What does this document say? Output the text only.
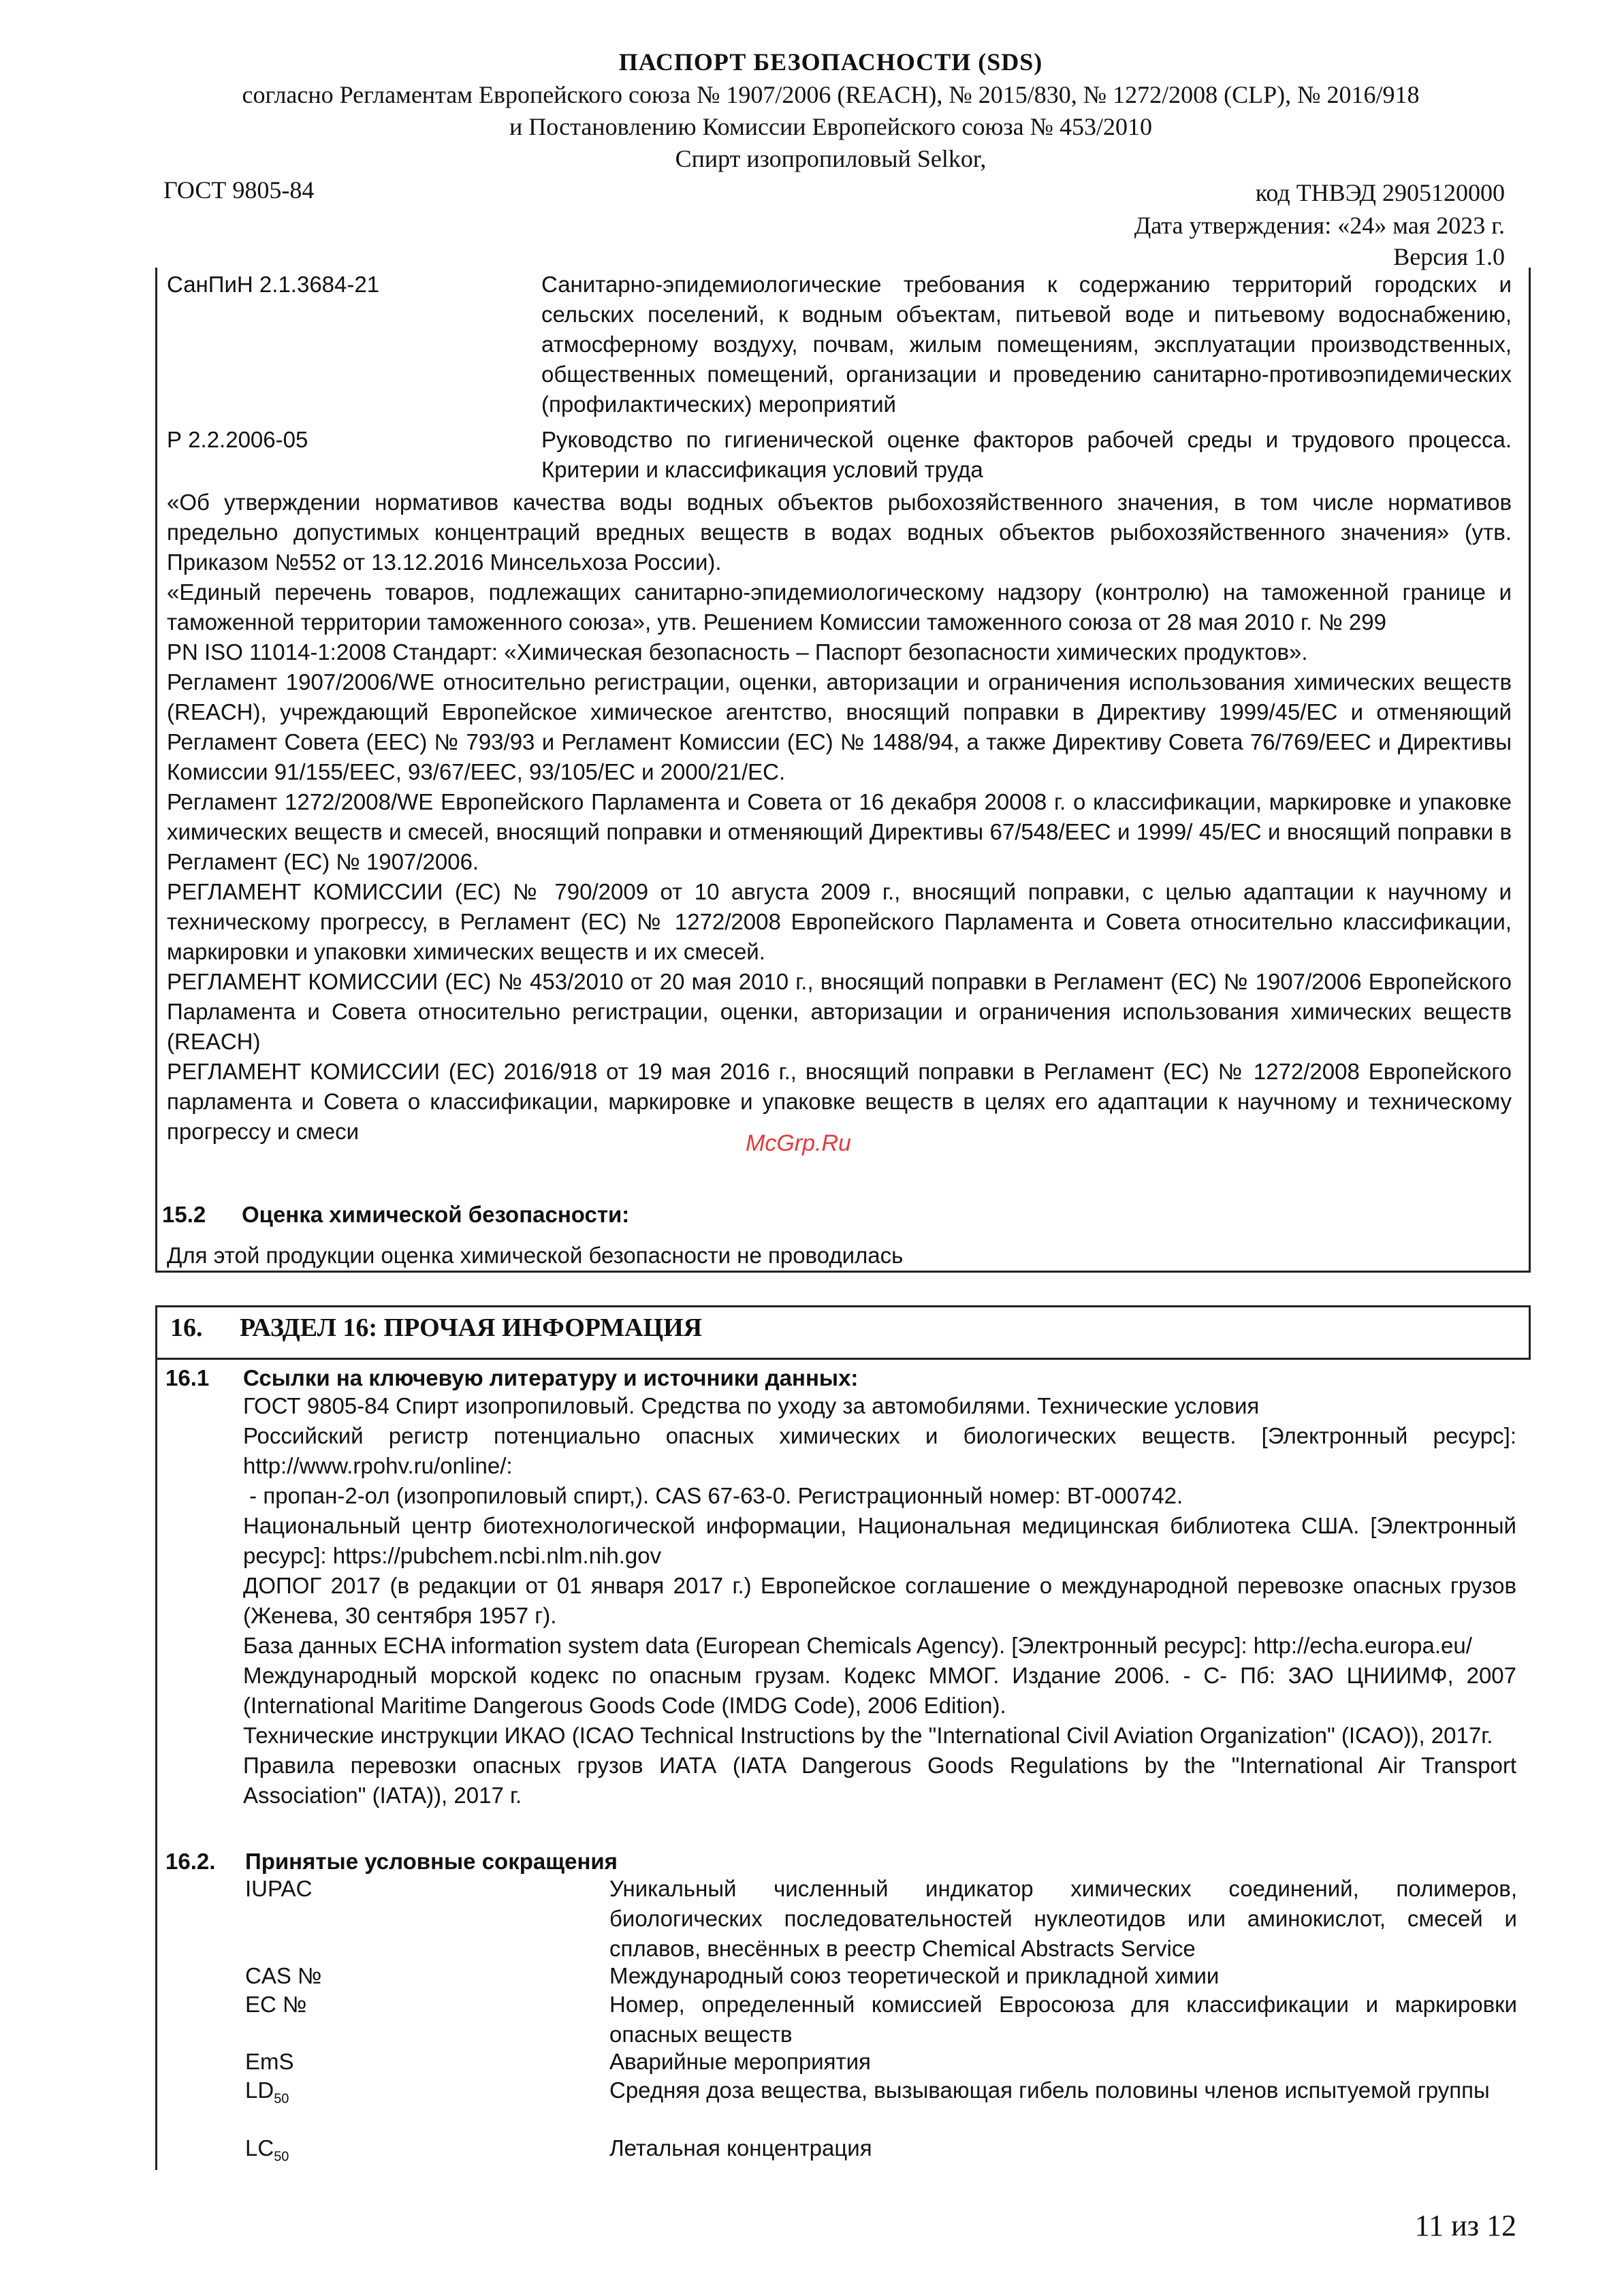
ПАСПОРТ БЕЗОПАСНОСТИ (SDS)
согласно Регламентам Европейского союза № 1907/2006 (REACH), № 2015/830, № 1272/2008 (CLP), № 2016/918
и Постановлению Комиссии Европейского союза № 453/2010
Спирт изопропиловый Selkor,
ГОСТ 9805-84	код ТНВЭД 2905120000
Дата утверждения: «24» мая 2023 г.
Версия 1.0
СанПиН 2.1.3684-21	Санитарно-эпидемиологические требования к содержанию территорий городских и сельских поселений, к водным объектам, питьевой воде и питьевому водоснабжению, атмосферному воздуху, почвам, жилым помещениям, эксплуатации производственных, общественных помещений, организации и проведению санитарно-противоэпидемических (профилактических) мероприятий
Р 2.2.2006-05	Руководство по гигиенической оценке факторов рабочей среды и трудового процесса. Критерии и классификация условий труда
«Об утверждении нормативов качества воды водных объектов рыбохозяйственного значения, в том числе нормативов предельно допустимых концентраций вредных веществ в водах водных объектов рыбохозяйственного значения» (утв. Приказом №552 от 13.12.2016 Минсельхоза России).
«Единый перечень товаров, подлежащих санитарно-эпидемиологическому надзору (контролю) на таможенной границе и таможенной территории таможенного союза», утв. Решением Комиссии таможенного союза от 28 мая 2010 г. № 299
PN ISO 11014-1:2008 Стандарт: «Химическая безопасность – Паспорт безопасности химических продуктов».
Регламент 1907/2006/WE относительно регистрации, оценки, авторизации и ограничения использования химических веществ (REACH), учреждающий Европейское химическое агентство, вносящий поправки в Директиву 1999/45/ЕС и отменяющий Регламент Совета (ЕЕС) № 793/93 и Регламент Комиссии (ЕС) № 1488/94, а также Директиву Совета 76/769/ЕЕС и Директивы Комиссии 91/155/ЕЕС, 93/67/ЕЕС, 93/105/ЕС и 2000/21/ЕС.
Регламент 1272/2008/WE Европейского Парламента и Совета от 16 декабря 20008 г. о классификации, маркировке и упаковке химических веществ и смесей, вносящий поправки и отменяющий Директивы 67/548/ЕЕС и 1999/ 45/ЕС и вносящий поправки в Регламент (ЕС) № 1907/2006.
РЕГЛАМЕНТ КОМИССИИ (ЕС) № 790/2009 от 10 августа 2009 г., вносящий поправки, с целью адаптации к научному и техническому прогрессу, в Регламент (ЕС) № 1272/2008 Европейского Парламента и Совета относительно классификации, маркировки и упаковки химических веществ и их смесей.
РЕГЛАМЕНТ КОМИССИИ (ЕС) № 453/2010 от 20 мая 2010 г., вносящий поправки в Регламент (ЕС) № 1907/2006 Европейского Парламента и Совета относительно регистрации, оценки, авторизации и ограничения использования химических веществ (REACH)
РЕГЛАМЕНТ КОМИССИИ (ЕС) 2016/918 от 19 мая 2016 г., вносящий поправки в Регламент (ЕС) № 1272/2008 Европейского парламента и Совета о классификации, маркировке и упаковке веществ в целях его адаптации к научному и техническому прогрессу и смеси
15.2 Оценка химической безопасности:
Для этой продукции оценка химической безопасности не проводилась
McGrp.Ru
16. РАЗДЕЛ 16: ПРОЧАЯ ИНФОРМАЦИЯ
16.1 Ссылки на ключевую литературу и источники данных:
ГОСТ 9805-84 Спирт изопропиловый. Средства по уходу за автомобилями. Технические условия
Российский регистр потенциально опасных химических и биологических веществ. [Электронный ресурс]: http://www.rpohv.ru/online/:
- пропан-2-ол (изопропиловый спирт,). CAS 67-63-0. Регистрационный номер: ВТ-000742.
Национальный центр биотехнологической информации, Национальная медицинская библиотека США. [Электронный ресурс]: https://pubchem.ncbi.nlm.nih.gov
ДОПОГ 2017 (в редакции от 01 января 2017 г.) Европейское соглашение о международной перевозке опасных грузов (Женева, 30 сентября 1957 г).
База данных ECHA information system data (European Chemicals Agency). [Электронный ресурс]: http://echa.europa.eu/
Международный морской кодекс по опасным грузам. Кодекс ММОГ. Издание 2006. - С- Пб: ЗАО ЦНИИМФ, 2007 (International Maritime Dangerous Goods Code (IMDG Code), 2006 Edition).
Технические инструкции ИКАО (ICAO Technical Instructions by the "International Civil Aviation Organization" (ICAO)), 2017г.
Правила перевозки опасных грузов ИАТА (IATA Dangerous Goods Regulations by the "International Air Transport Association" (IATA)), 2017 г.
16.2. Принятые условные сокращения
IUPAC	Уникальный численный индикатор химических соединений, полимеров, биологических последовательностей нуклеотидов или аминокислот, смесей и сплавов, внесённых в реестр Chemical Abstracts Service
CAS №	Международный союз теоретической и прикладной химии
EC №	Номер, определенный комиссией Евросоюза для классификации и маркировки опасных веществ
EmS	Аварийные мероприятия
$LD_{50}$	Средняя доза вещества, вызывающая гибель половины членов испытуемой группы
$LC_{50}$	Летальная концентрация
11 из 12
